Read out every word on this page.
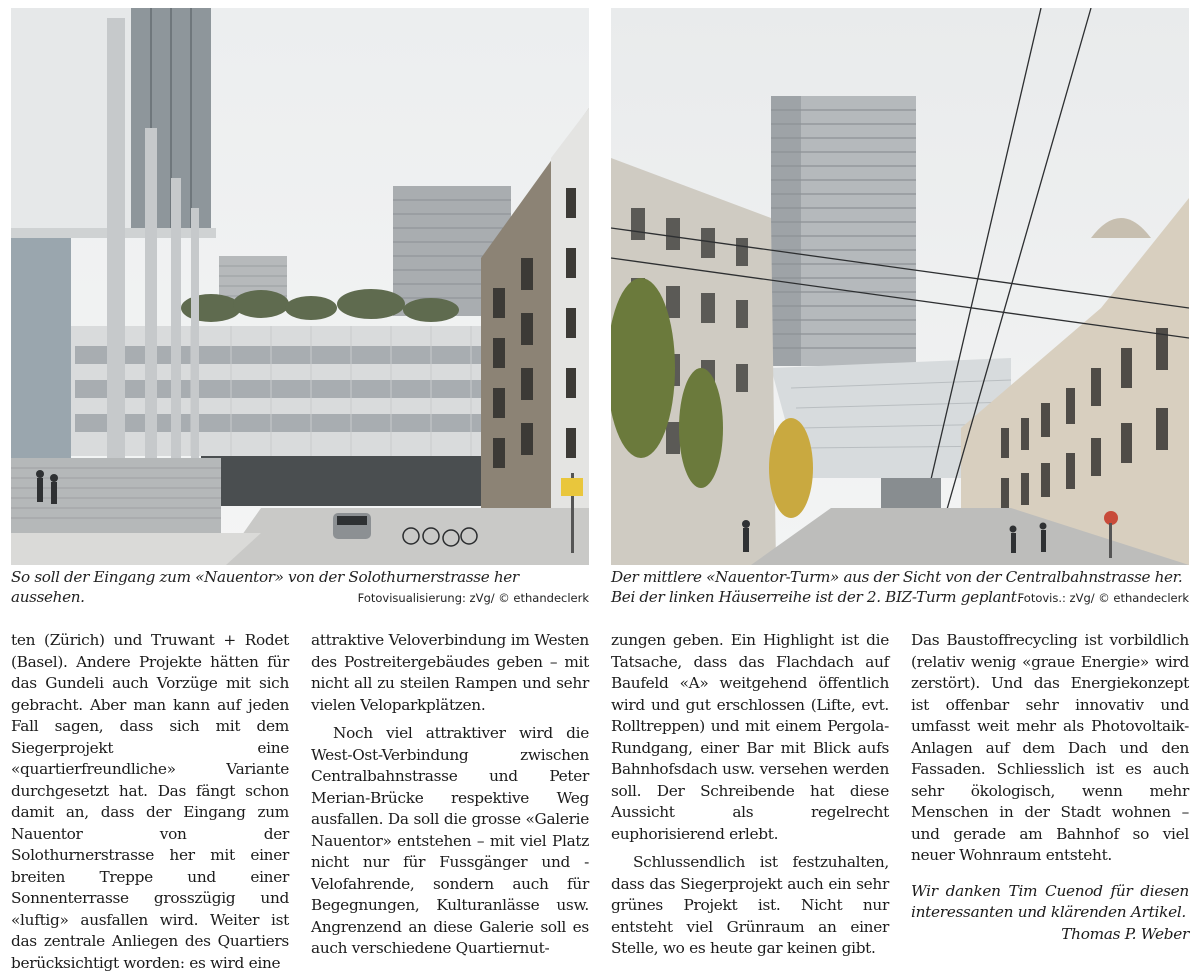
So soll der Eingang zum «Nauentor» von der Solothurnerstrasse her aussehen.	Fotovisualisierung: zVg/ © ethandeclerk
Der mittlere «Nauentor-Turm» aus der Sicht von der Centralbahnstrasse her.
Bei der linken Häuserreihe ist der 2. BIZ-Turm geplant.
Fotovis.: zVg/ © ethandeclerk

ten (Zürich) und Truwant + Rodet (Basel). Andere Projekte hätten für das Gundeli auch Vorzüge mit sich gebracht. Aber man kann auf jeden Fall sagen, dass sich mit dem Siegerprojekt eine «quartierfreundliche» Variante durchgesetzt hat. Das fängt schon damit an, dass der Eingang zum Nauentor von der Solothurnerstrasse her mit einer breiten Treppe und einer Sonnenterrasse grosszügig und «luftig» ausfallen wird. Weiter ist das zentrale Anliegen des Quartiers berücksichtigt worden: es wird eine

attraktive Veloverbindung im Westen des Postreitergebäudes geben – mit nicht all zu steilen Rampen und sehr vielen Veloparkplätzen.

Noch viel attraktiver wird die West-Ost-Verbindung zwischen Centralbahnstrasse und Peter Merian-Brücke respektive Weg ausfallen. Da soll die grosse «Galerie Nauentor» entstehen – mit viel Platz nicht nur für Fussgänger und -Velofahrende, sondern auch für Begegnungen, Kulturanlässe usw. Angrenzend an diese Galerie soll es auch verschiedene Quartiernut-

zungen geben. Ein Highlight ist die Tatsache, dass das Flachdach auf Baufeld «A» weitgehend öffentlich wird und gut erschlossen (Lifte, evt. Rolltreppen) und mit einem Pergola-Rundgang, einer Bar mit Blick aufs Bahnhofsdach usw. versehen werden soll. Der Schreibende hat diese Aussicht als regelrecht euphorisierend erlebt.

Schlussendlich ist festzuhalten, dass das Siegerprojekt auch ein sehr grünes Projekt ist. Nicht nur entsteht viel Grünraum an einer Stelle, wo es heute gar keinen gibt.

Das Baustoffrecycling ist vorbildlich (relativ wenig «graue Energie» wird zerstört). Und das Energiekonzept ist offenbar sehr innovativ und umfasst weit mehr als Photovoltaik-Anlagen auf dem Dach und den Fassaden. Schliesslich ist es auch sehr ökologisch, wenn mehr Menschen in der Stadt wohnen – und gerade am Bahnhof so viel neuer Wohnraum entsteht.

Wir danken Tim Cuenod für diesen interessanten und klärenden Artikel.

Thomas P. Weber
